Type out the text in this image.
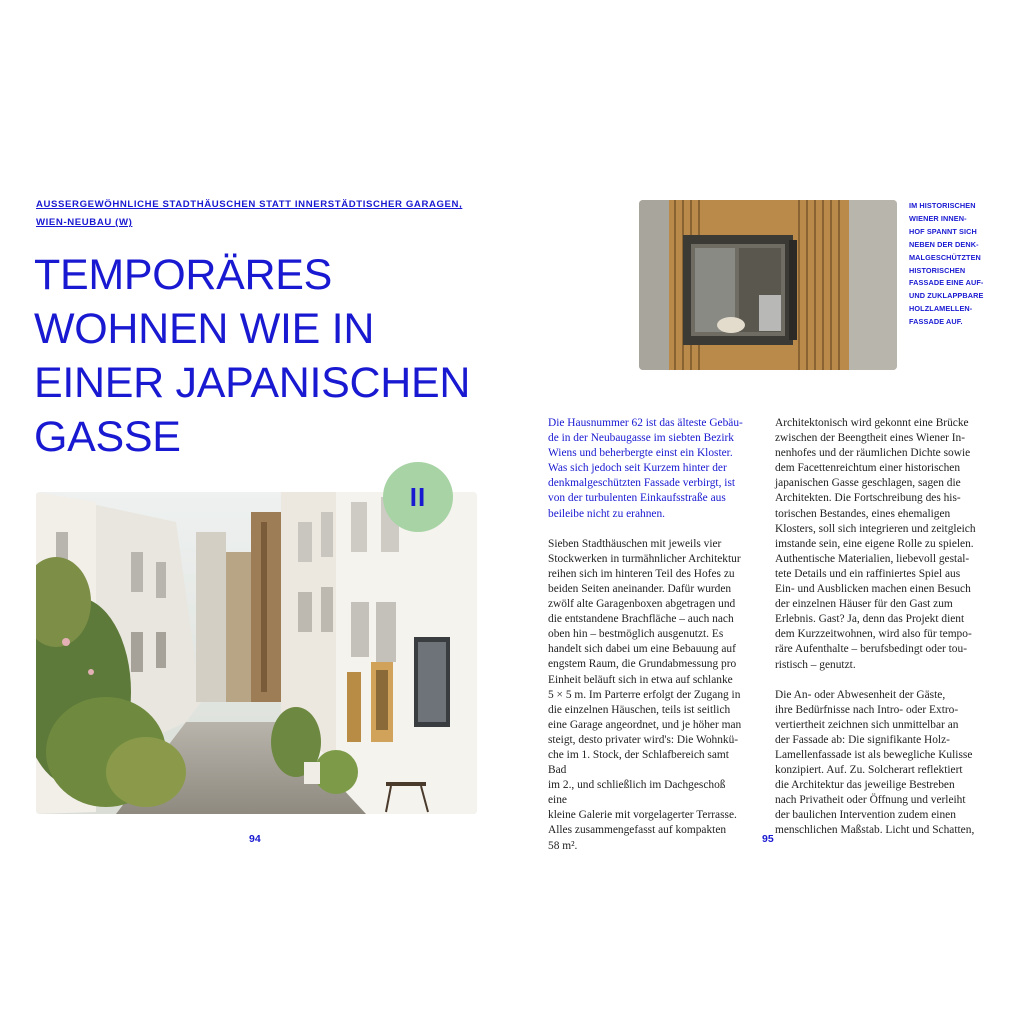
AUSSERGEWÖHNLICHE STADTHÄUSCHEN STATT INNERSTÄDTISCHER GARAGEN, WIEN-NEUBAU (W)
TEMPORÄRES
WOHNEN WIE IN
EINER JAPANISCHEN
GASSE
II
94
IM HISTORISCHEN
WIENER INNEN-
HOF SPANNT SICH
NEBEN DER DENK-
MALGESCHÜTZTEN
HISTORISCHEN
FASSADE EINE AUF-
UND ZUKLAPPBARE
HOLZLAMELLEN-
FASSADE AUF.

Die Hausnummer 62 ist das älteste Gebäu-
de in der Neubaugasse im siebten Bezirk
Wiens und beherbergte einst ein Kloster.
Was sich jedoch seit Kurzem hinter der
denkmalgeschützten Fassade verbirgt, ist
von der turbulenten Einkaufsstraße aus
beileibe nicht zu erahnen.

Sieben Stadthäuschen mit jeweils vier
Stockwerken in turmähnlicher Architektur
reihen sich im hinteren Teil des Hofes zu
beiden Seiten aneinander. Dafür wurden
zwölf alte Garagenboxen abgetragen und
die entstandene Brachfläche – auch nach
oben hin – bestmöglich ausgenutzt. Es
handelt sich dabei um eine Bebauung auf
engstem Raum, die Grundabmessung pro
Einheit beläuft sich in etwa auf schlanke
5 × 5 m. Im Parterre erfolgt der Zugang in
die einzelnen Häuschen, teils ist seitlich
eine Garage angeordnet, und je höher man
steigt, desto privater wird's: Die Wohnkü-
che im 1. Stock, der Schlafbereich samt Bad
im 2., und schließlich im Dachgeschoß eine
kleine Galerie mit vorgelagerter Terrasse.
Alles zusammengefasst auf kompakten
58 m².

Architektonisch wird gekonnt eine Brücke
zwischen der Beengtheit eines Wiener In-
nenhofes und der räumlichen Dichte sowie
dem Facettenreichtum einer historischen
japanischen Gasse geschlagen, sagen die
Architekten. Die Fortschreibung des his-
torischen Bestandes, eines ehemaligen
Klosters, soll sich integrieren und zeitgleich
imstande sein, eine eigene Rolle zu spielen.
Authentische Materialien, liebevoll gestal-
tete Details und ein raffiniertes Spiel aus
Ein- und Ausblicken machen einen Besuch
der einzelnen Häuser für den Gast zum
Erlebnis. Gast? Ja, denn das Projekt dient
dem Kurzzeitwohnen, wird also für tempo-
räre Aufenthalte – berufsbedingt oder tou-
ristisch – genutzt.

Die An- oder Abwesenheit der Gäste,
ihre Bedürfnisse nach Intro- oder Extro-
vertiertheit zeichnen sich unmittelbar an
der Fassade ab: Die signifikante Holz-
Lamellenfassade ist als bewegliche Kulisse
konzipiert. Auf. Zu. Solcherart reflektiert
die Architektur das jeweilige Bestreben
nach Privatheit oder Öffnung und verleiht
der baulichen Intervention zudem einen
menschlichen Maßstab. Licht und Schatten,

95
